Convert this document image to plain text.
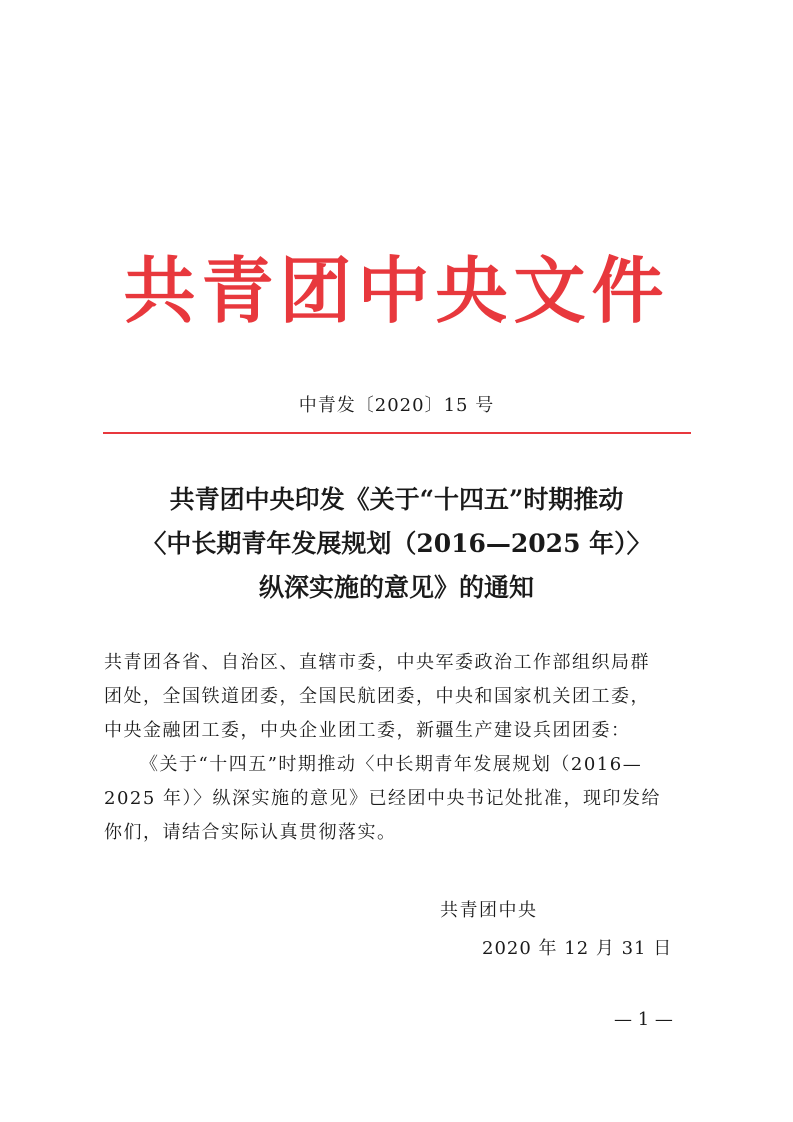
共青团中央文件
中青发〔2020〕15 号
共青团中央印发《关于“十四五”时期推动
〈中长期青年发展规划（2016—2025 年）〉
纵深实施的意见》的通知
共青团各省、自治区、直辖市委，中央军委政治工作部组织局群
团处，全国铁道团委，全国民航团委，中央和国家机关团工委，
中央金融团工委，中央企业团工委，新疆生产建设兵团团委：
《关于“十四五”时期推动〈中长期青年发展规划（2016—
2025 年）〉纵深实施的意见》已经团中央书记处批准，现印发给
你们，请结合实际认真贯彻落实。
共青团中央
2020 年 12 月 31 日
— 1 —
